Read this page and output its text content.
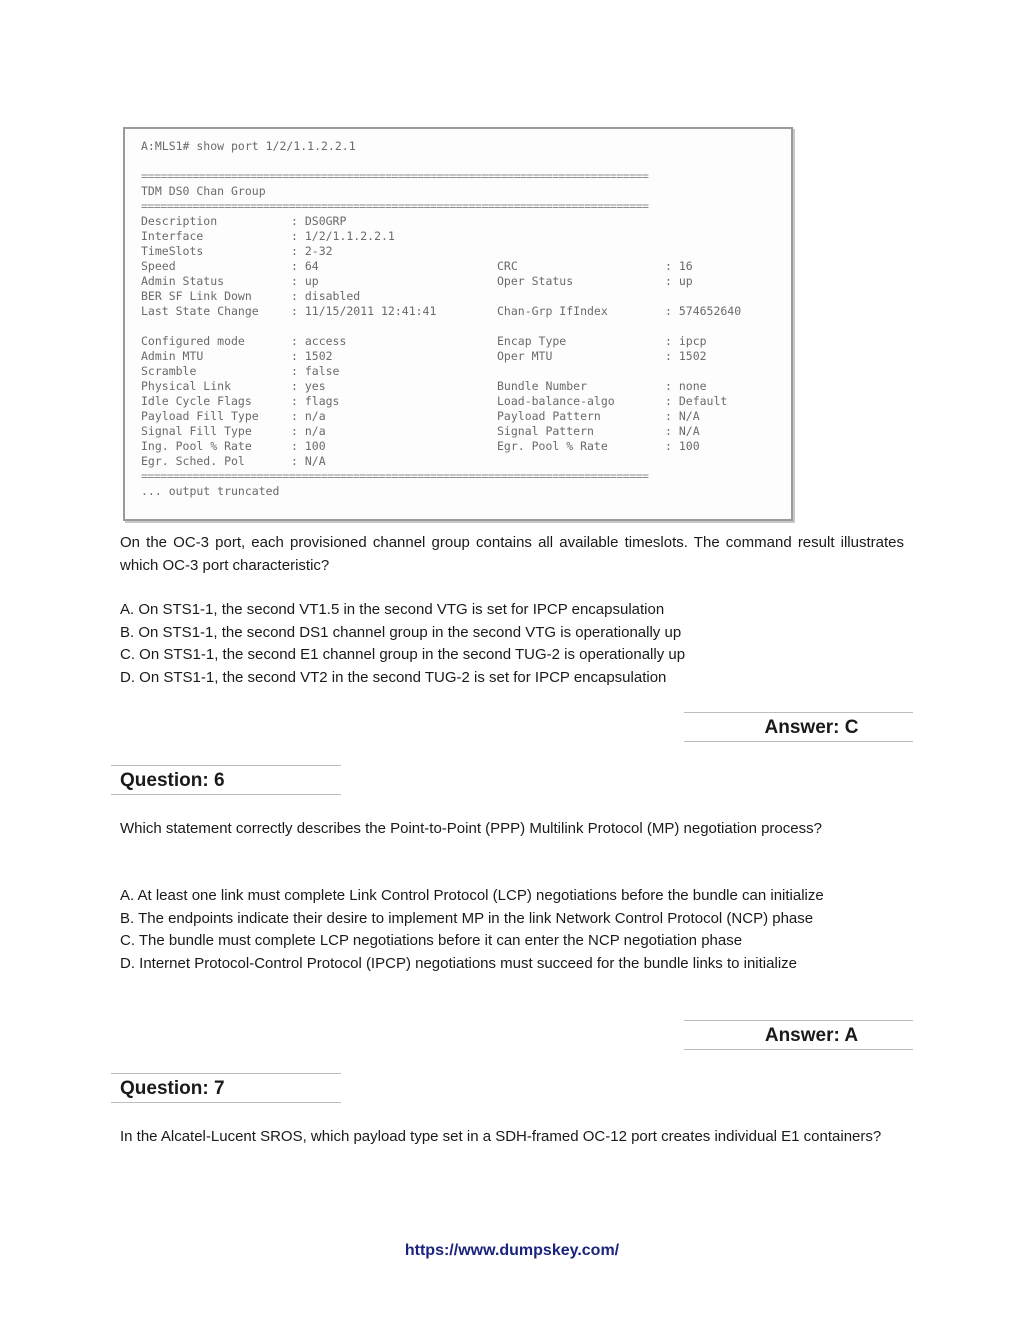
A:MLS1# show port 1/2/1.1.2.2.1
===============================================================================
TDM DS0 Chan Group
===============================================================================
Description	: DS0GRP
Interface	: 1/2/1.1.2.2.1
TimeSlots	: 2-32
Speed	: 64	CRC	: 16
Admin Status	: up	Oper Status	: up
BER SF Link Down	: disabled
Last State Change	: 11/15/2011 12:41:41	Chan-Grp IfIndex	: 574652640
Configured mode	: access	Encap Type	: ipcp
Admin MTU	: 1502	Oper MTU	: 1502
Scramble	: false
Physical Link	: yes	Bundle Number	: none
Idle Cycle Flags	: flags	Load-balance-algo	: Default
Payload Fill Type	: n/a	Payload Pattern	: N/A
Signal Fill Type	: n/a	Signal Pattern	: N/A
Ing. Pool % Rate	: 100	Egr. Pool % Rate	: 100
Egr. Sched. Pol	: N/A
===============================================================================
... output truncated
On the OC-3 port, each provisioned channel group contains all available timeslots. The command result illustrates which OC-3 port characteristic?
A. On STS1-1, the second VT1.5 in the second VTG is set for IPCP encapsulation
B. On STS1-1, the second DS1 channel group in the second VTG is operationally up
C. On STS1-1, the second E1 channel group in the second TUG-2 is operationally up
D. On STS1-1, the second VT2 in the second TUG-2 is set for IPCP encapsulation
Answer: C
Question: 6
Which statement correctly describes the Point-to-Point (PPP) Multilink Protocol (MP) negotiation process?
A. At least one link must complete Link Control Protocol (LCP) negotiations before the bundle can initialize
B. The endpoints indicate their desire to implement MP in the link Network Control Protocol (NCP) phase
C. The bundle must complete LCP negotiations before it can enter the NCP negotiation phase
D. Internet Protocol-Control Protocol (IPCP) negotiations must succeed for the bundle links to initialize
Answer: A
Question: 7
In the Alcatel-Lucent SROS, which payload type set in a SDH-framed OC-12 port creates individual E1 containers?
https://www.dumpskey.com/
